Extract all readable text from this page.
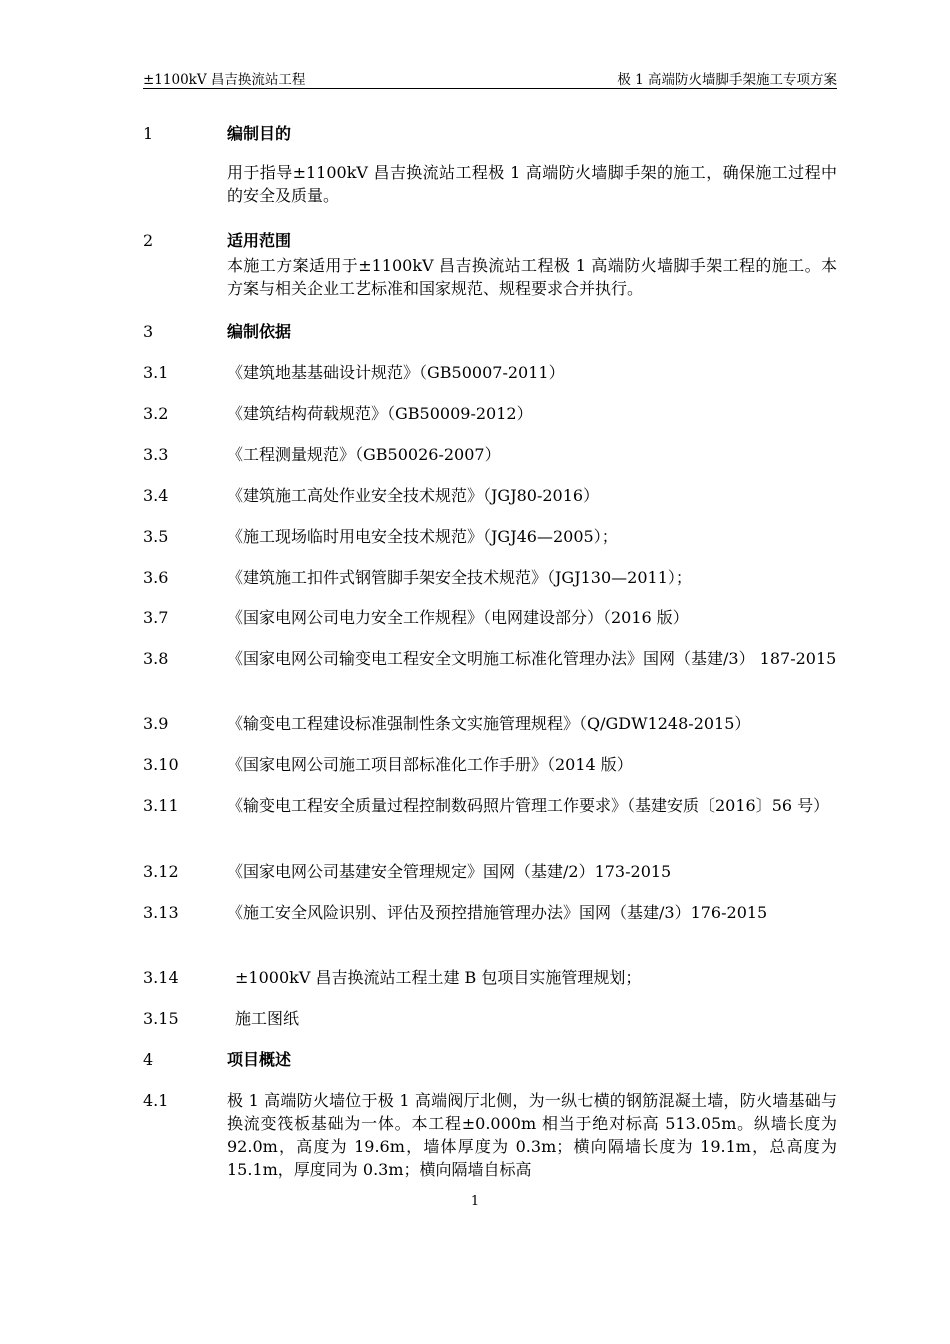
±1100kV 昌吉换流站工程	极 1 高端防火墙脚手架施工专项方案
1	编制目的
用于指导±1100kV 昌吉换流站工程极 1 高端防火墙脚手架的施工，确保施工过程中的安全及质量。
2	适用范围
本施工方案适用于±1100kV 昌吉换流站工程极 1 高端防火墙脚手架工程的施工。本方案与相关企业工艺标准和国家规范、规程要求合并执行。
3	编制依据
3.1	《建筑地基基础设计规范》（GB50007-2011）
3.2	《建筑结构荷载规范》（GB50009-2012）
3.3	《工程测量规范》（GB50026-2007）
3.4	《建筑施工高处作业安全技术规范》（JGJ80-2016）
3.5	《施工现场临时用电安全技术规范》（JGJ46—2005）；
3.6	《建筑施工扣件式钢管脚手架安全技术规范》（JGJ130—2011）；
3.7	《国家电网公司电力安全工作规程》（电网建设部分）（2016 版）
3.8	《国家电网公司输变电工程安全文明施工标准化管理办法》国网（基建/3） 187-2015
3.9	《输变电工程建设标准强制性条文实施管理规程》（Q/GDW1248-2015）
3.10	《国家电网公司施工项目部标准化工作手册》（2014 版）
3.11	《输变电工程安全质量过程控制数码照片管理工作要求》（基建安质〔2016〕56 号）
3.12	《国家电网公司基建安全管理规定》国网（基建/2）173-2015
3.13	《施工安全风险识别、评估及预控措施管理办法》国网（基建/3）176-2015
3.14	±1000kV 昌吉换流站工程土建 B 包项目实施管理规划；
3.15	施工图纸
4	项目概述
4.1	极 1 高端防火墙位于极 1 高端阀厅北侧，为一纵七横的钢筋混凝土墙，防火墙基础与换流变筏板基础为一体。本工程±0.000m 相当于绝对标高 513.05m。纵墙长度为 92.0m，高度为 19.6m，墙体厚度为 0.3m；横向隔墙长度为 19.1m，总高度为 15.1m，厚度同为 0.3m；横向隔墙自标高
1
